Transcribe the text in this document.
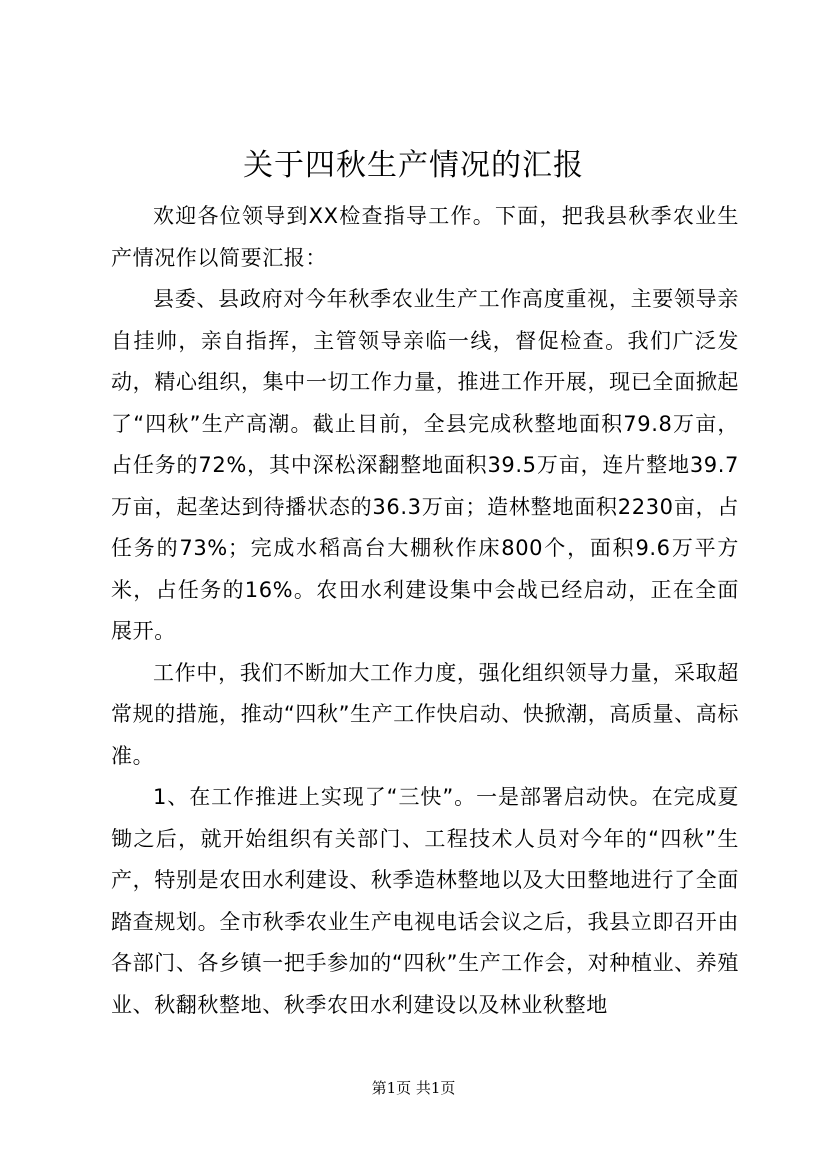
关于四秋生产情况的汇报

欢迎各位领导到XX检查指导工作。下面，把我县秋季农业生产情况作以简要汇报：

县委、县政府对今年秋季农业生产工作高度重视，主要领导亲自挂帅，亲自指挥，主管领导亲临一线，督促检查。我们广泛发动，精心组织，集中一切工作力量，推进工作开展，现已全面掀起了“四秋”生产高潮。截止目前，全县完成秋整地面积79.8万亩，占任务的72%，其中深松深翻整地面积39.5万亩，连片整地39.7万亩，起垄达到待播状态的36.3万亩；造林整地面积2230亩，占任务的73%；完成水稻高台大棚秋作床800个，面积9.6万平方米，占任务的16%。农田水利建设集中会战已经启动，正在全面展开。

工作中，我们不断加大工作力度，强化组织领导力量，采取超常规的措施，推动“四秋”生产工作快启动、快掀潮，高质量、高标准。

1、在工作推进上实现了“三快”。一是部署启动快。在完成夏锄之后，就开始组织有关部门、工程技术人员对今年的“四秋”生产，特别是农田水利建设、秋季造林整地以及大田整地进行了全面踏查规划。全市秋季农业生产电视电话会议之后，我县立即召开由各部门、各乡镇一把手参加的“四秋”生产工作会，对种植业、养殖业、秋翻秋整地、秋季农田水利建设以及林业秋整地

第1页 共1页
